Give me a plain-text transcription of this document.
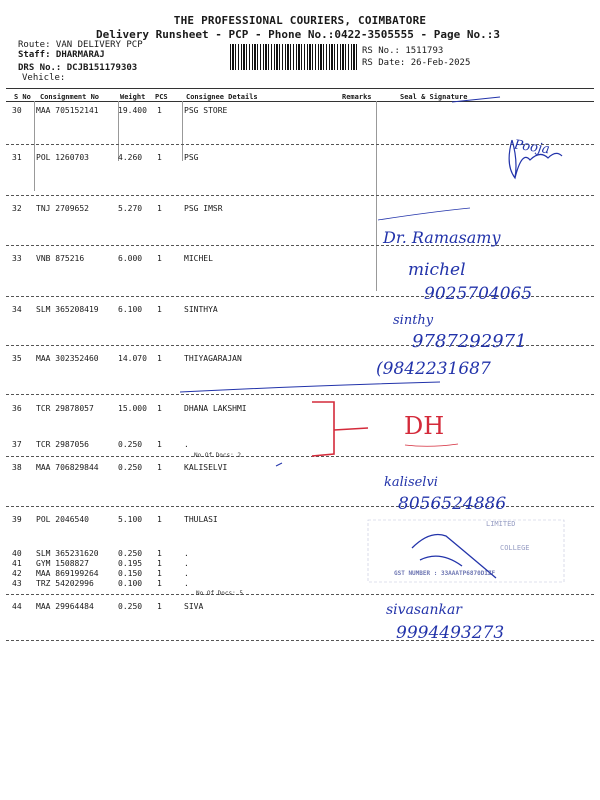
THE PROFESSIONAL COURIERS, COIMBATORE
Delivery Runsheet - PCP - Phone No.:0422-3505555 - Page No.:3
Route: VAN DELIVERY PCP
Staff: DHARMARAJ
DRS No.: DCJB151179303
Vehicle:
RS No.: 1511793
RS Date: 26-Feb-2025
S No Consignment No	Weight PCS	Consignee Details	Remarks	Seal & Signature
30 MAA 705152141 19.400 1	PSG STORE
31 POL 1260703	4.260 1	PSG
32 TNJ 2709652	5.270 1	PSG IMSR
33 VNB 875216	6.000 1	MICHEL
34 SLM 365208419 6.100 1	SINTHYA
35 MAA 302352460 14.070 1	THIYAGARAJAN
36 TCR 29878057	15.000 1	DHANA LAKSHMI
37 TCR 2987056	0.250 1	.
No.Of Docs: 2
38 MAA 706829844 0.250 1	KALISELVI
39 POL 2046540	5.100 1	THULASI
40 SLM 365231620 0.250 1	.
41 GYM 1508827	0.195 1	.
42 MAA 869199264 0.150 1	.
43 TRZ 54202996	0.100 1	.
No.Of Docs: 5
44 MAA 29964484	0.250 1	SIVA
Pooja
Dr. Ramasamy
michel
9025704065
sinthy
9787292971
(9842231687
DH
kaliselvi
8056524886
sivasankar
9994493273
LIMITED
COLLEGE
GST NUMBER : 33AAATP6870D1ZF
